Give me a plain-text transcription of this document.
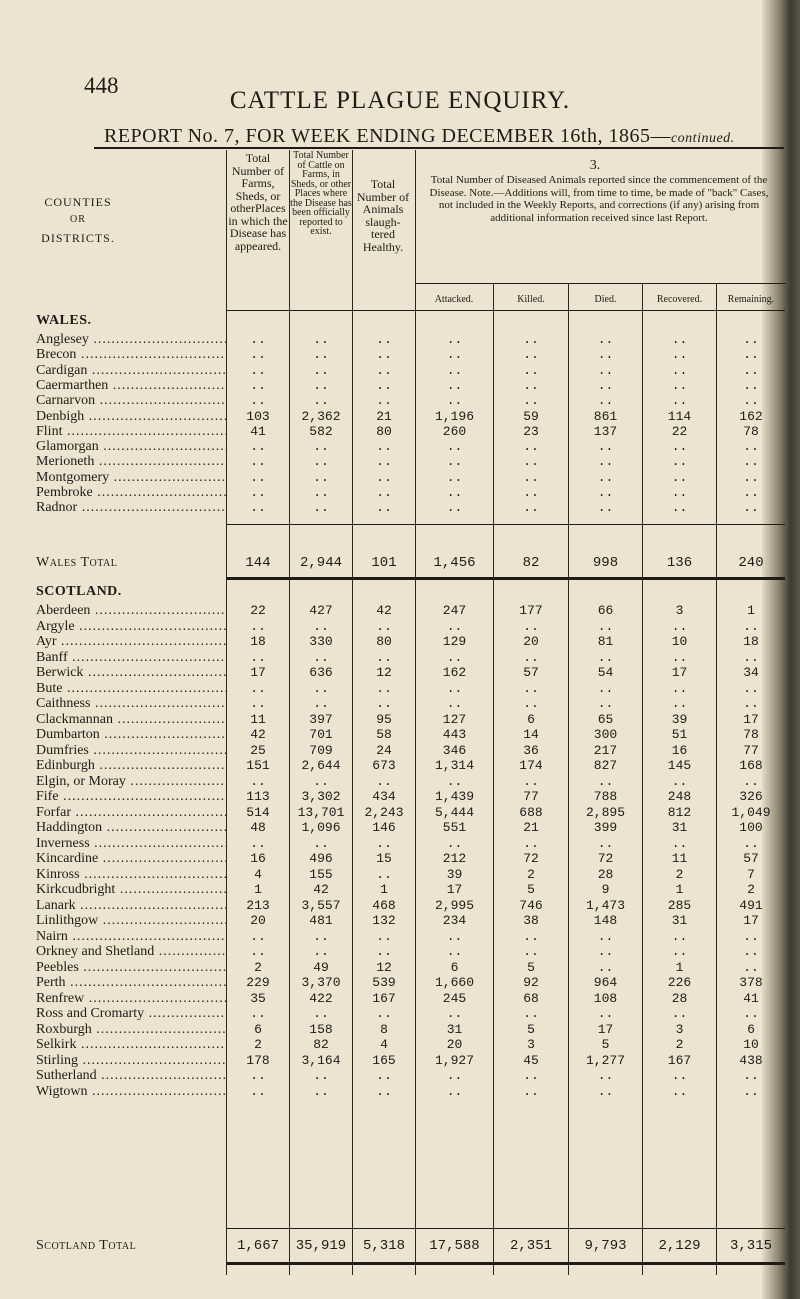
448
CATTLE PLAGUE ENQUIRY.
REPORT No. 7, FOR WEEK ENDING DECEMBER 16th, 1865—continued.
COUNTIES
OR
DISTRICTS.
Total Number of Farms, Sheds, or otherPlaces in which the Disease has appeared.
Total Number of Cattle on Farms, in Sheds, or other Places where the Disease has been officially reported to exist.
Total Number of Animals slaugh- tered Healthy.
3.
Total Number of Diseased Animals reported since the commencement of the Disease. Note.—Additions will, from time to time, be made of "back" Cases, not included in the Weekly Reports, and corrections (if any) arising from additional information received since last Report.
Attacked.	Killed.	Died.	Recovered.	Remaining.
WALES.
Anglesey .....	..	..	..	..	..	..	..	..
Brecon .....	..	..	..	..	..	..	..	..
Cardigan .....	..	..	..	..	..	..	..	..
Caermarthen .....	..	..	..	..	..	..	..	..
Carnarvon .....	..	..	..	..	..	..	..	..
Denbigh .....	103	2,362	21	1,196	59	861	114	162
Flint .....	41	582	80	260	23	137	22	78
Glamorgan .....	..	..	..	..	..	..	..	..
Merioneth .....	..	..	..	..	..	..	..	..
Montgomery .....	..	..	..	..	..	..	..	..
Pembroke .....	..	..	..	..	..	..	..	..
Radnor .....	..	..	..	..	..	..	..	..
Wales Total	144	2,944	101	1,456	82	998	136	240
SCOTLAND.
Aberdeen .....	22	427	42	247	177	66	3	1
Argyle .....	..	..	..	..	..	..	..	..
Ayr .....	18	330	80	129	20	81	10	18
Banff .....	..	..	..	..	..	..	..	..
Berwick .....	17	636	12	162	57	54	17	34
Bute .....	..	..	..	..	..	..	..	..
Caithness .....	..	..	..	..	..	..	..	..
Clackmannan .....	11	397	95	127	6	65	39	17
Dumbarton .....	42	701	58	443	14	300	51	78
Dumfries .....	25	709	24	346	36	217	16	77
Edinburgh .....	151	2,644	673	1,314	174	827	145	168
Elgin, or Moray .....	..	..	..	..	..	..	..	..
Fife .....	113	3,302	434	1,439	77	788	248	326
Forfar .....	514	13,701	2,243	5,444	688	2,895	812	1,049
Haddington .....	48	1,096	146	551	21	399	31	100
Inverness .....	..	..	..	..	..	..	..	..
Kincardine .....	16	496	15	212	72	72	11	57
Kinross .....	4	155	..	39	2	28	2	7
Kirkcudbright .....	1	42	1	17	5	9	1	2
Lanark .....	213	3,557	468	2,995	746	1,473	285	491
Linlithgow .....	20	481	132	234	38	148	31	17
Nairn .....	..	..	..	..	..	..	..	..
Orkney and Shetland .....	..	..	..	..	..	..	..	..
Peebles .....	2	49	12	6	5	..	1	..
Perth .....	229	3,370	539	1,660	92	964	226	378
Renfrew .....	35	422	167	245	68	108	28	41
Ross and Cromarty .....	..	..	..	..	..	..	..	..
Roxburgh .....	6	158	8	31	5	17	3	6
Selkirk .....	2	82	4	20	3	5	2	10
Stirling .....	178	3,164	165	1,927	45	1,277	167	438
Sutherland .....	..	..	..	..	..	..	..	..
Wigtown .....	..	..	..	..	..	..	..	..
Scotland Total	1,667	35,919	5,318	17,588	2,351	9,793	2,129	3,315
